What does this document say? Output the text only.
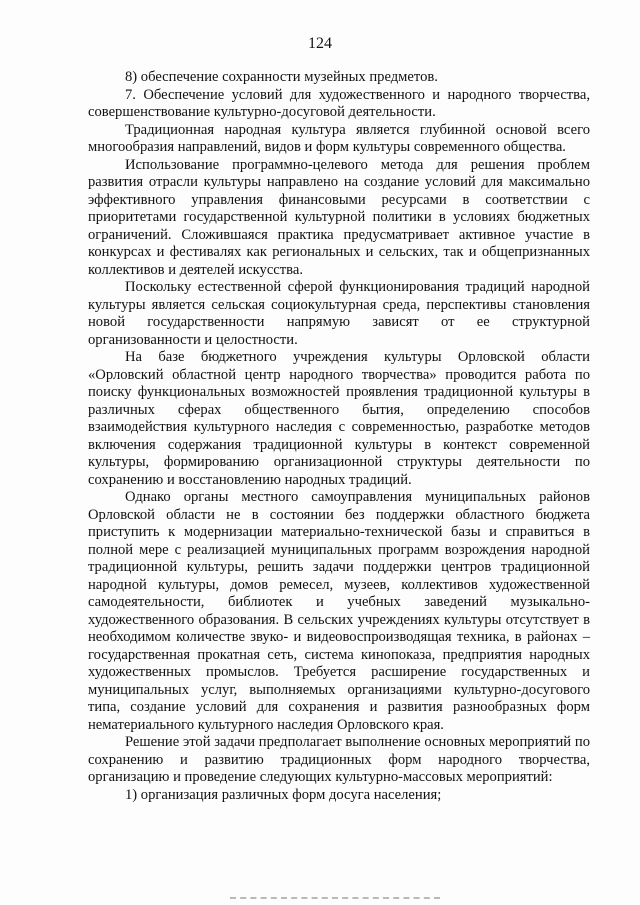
124

8) обеспечение сохранности музейных предметов.

7. Обеспечение условий для художественного и народного творчества, совершенствование культурно-досуговой деятельности.

Традиционная народная культура является глубинной основой всего многообразия направлений, видов и форм культуры современного общества.

Использование программно-целевого метода для решения проблем развития отрасли культуры направлено на создание условий для максимально эффективного управления финансовыми ресурсами в соответствии с приоритетами государственной культурной политики в условиях бюджетных ограничений. Сложившаяся практика предусматривает активное участие в конкурсах и фестивалях как региональных и сельских, так и общепризнанных коллективов и деятелей искусства.

Поскольку естественной сферой функционирования традиций народной культуры является сельская социокультурная среда, перспективы становления новой государственности напрямую зависят от ее структурной организованности и целостности.

На базе бюджетного учреждения культуры Орловской области «Орловский областной центр народного творчества» проводится работа по поиску функциональных возможностей проявления традиционной культуры в различных сферах общественного бытия, определению способов взаимодействия культурного наследия с современностью, разработке методов включения содержания традиционной культуры в контекст современной культуры, формированию организационной структуры деятельности по сохранению и восстановлению народных традиций.

Однако органы местного самоуправления муниципальных районов Орловской области не в состоянии без поддержки областного бюджета приступить к модернизации материально-технической базы и справиться в полной мере с реализацией муниципальных программ возрождения народной традиционной культуры, решить задачи поддержки центров традиционной народной культуры, домов ремесел, музеев, коллективов художественной самодеятельности, библиотек и учебных заведений музыкально-художественного образования. В сельских учреждениях культуры отсутствует в необходимом количестве звуко- и видеовоспроизводящая техника, в районах – государственная прокатная сеть, система кинопоказа, предприятия народных художественных промыслов. Требуется расширение государственных и муниципальных услуг, выполняемых организациями культурно-досугового типа, создание условий для сохранения и развития разнообразных форм нематериального культурного наследия Орловского края.

Решение этой задачи предполагает выполнение основных мероприятий по сохранению и развитию традиционных форм народного творчества, организацию и проведение следующих культурно-массовых мероприятий:

1) организация различных форм досуга населения;
